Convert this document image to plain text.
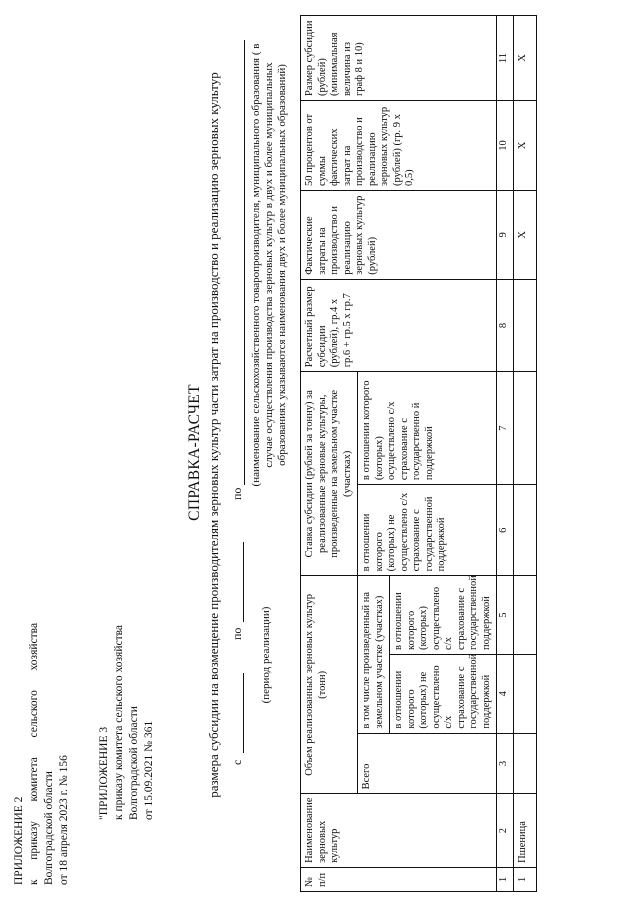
ПРИЛОЖЕНИЕ 2 к приказу комитета сельского хозяйства
Волгоградской области от 18 апреля 2023 г. № 156 "ПРИЛОЖЕНИЕ 3 к приказу комитета сельского хозяйства Волгоградской области от 15.09.2021 № 361
СПРАВКА-РАСЧЕТ размера субсидии на возмещение производителям зерновых культур части затрат на производство и реализацию зерновых культур с
по (период реализации)
по
(наименование сельскохозяйственного товаропроизводителя, муниципального образования ( в случае осуществления производства зерновых культур в двух и более муниципальных образованиях указываются наименования двух и более муниципальных образований)
№ п/п	Наименование зерновых культур	Объем реализованных зерновых культур (тонн)			Ставка субсидии (рублей за тонну) за реализованные зерновые культуры, произведенные на земельном участке (участках)		Расчетный размер субсидии (рублей), гр.4 х гр.6 + гр.5 х гр.7	Фактические затраты на производство и реализацию зерновых культур (рублей)	50 процентов от суммы фактических затрат на производство и реализацию зерновых культур (рублей) (гр. 9 х 0,5)	Размер субсидии (рублей) (минимальная величина из граф 8 и 10)
		Всего	в том числе произведенный на земельном участке (участках)		в отношении которого (которых) не осуществлено с/х страхование с государственной поддержкой	в отношении которого (которых) осуществлено с/х страхование с государственно й поддержкой				
			в отношении которого (которых) не осуществлено с/х страхование с государственной поддержкой	в отношении которого (которых) осуществлено с/х страхование с государственной поддержкой						
1	2	3	4	5	6	7	8	9	10	11
1	Пшеница							X	X	X
